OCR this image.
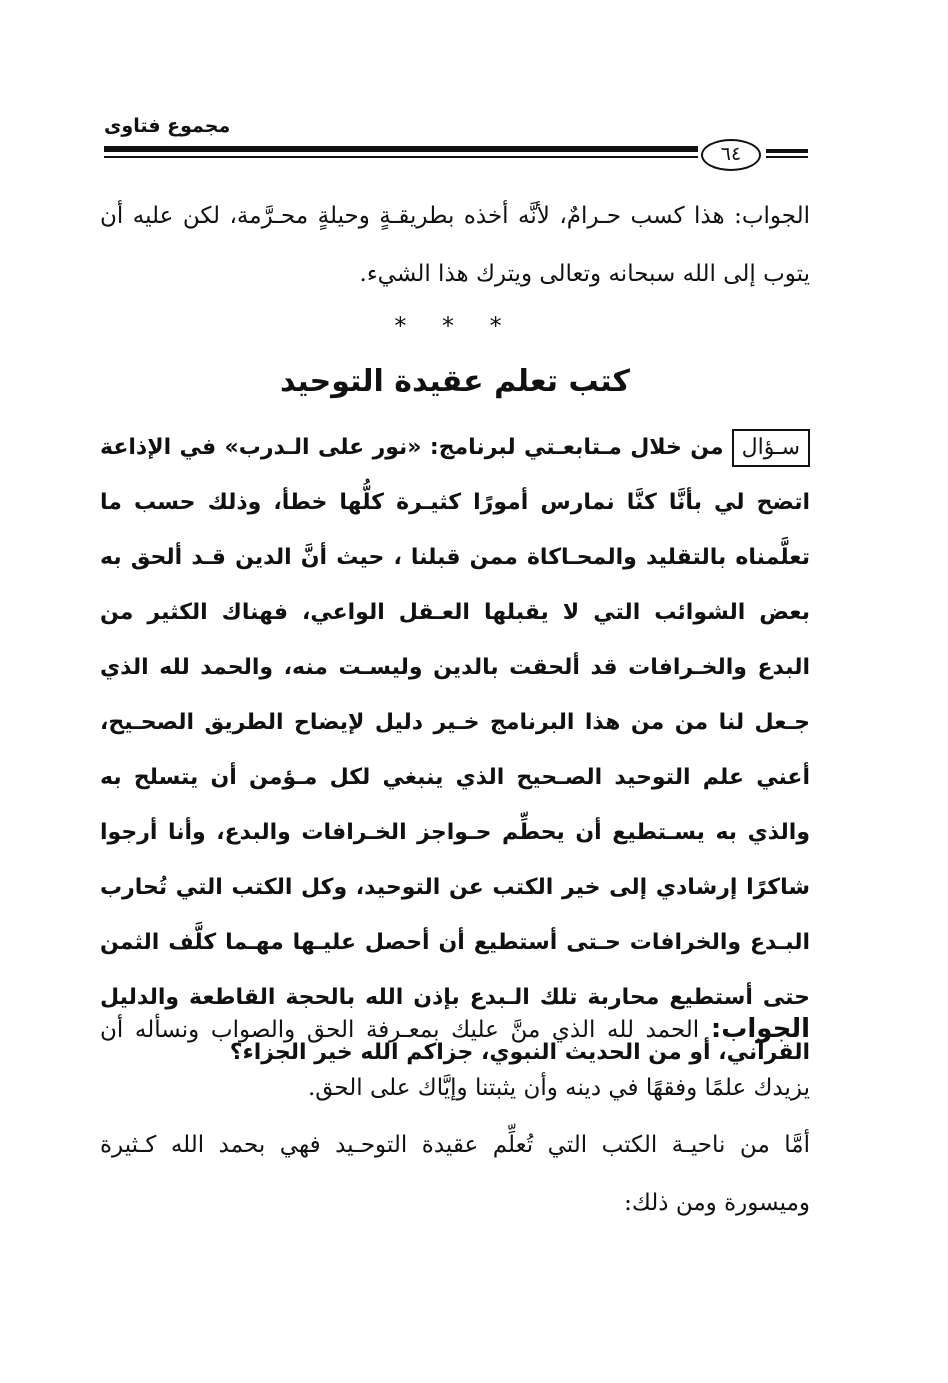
مجموع فتاوى
٦٤
الجواب: هذا كسب حـرامٌ، لأنَّه أخذه بطريقـةٍ وحيلةٍ محـرَّمة، لكن عليه أن يتوب إلى الله سبحانه وتعالى ويترك هذا الشيء.
* * *
كتب تعلم عقيدة التوحيد
سـؤالمن خلال مـتابعـتي لبرنامج: «نور على الـدرب» في الإذاعة اتضح لي بأنَّا كنَّا نمارس أمورًا كثيـرة كلُّها خطأ، وذلك حسب ما تعلَّمناه بالتقليد والمحـاكاة ممن قبلنا ، حيث أنَّ الدين قـد ألحق به بعض الشوائب التي لا يقبلها العـقل الواعي، فهناك الكثير من البدع والخـرافات قد ألحقت بالدين وليسـت منه، والحمد لله الذي جـعل لنا من من هذا البرنامج خـير دليل لإيضاح الطريق الصحـيح، أعني علم التوحيد الصـحيح الذي ينبغي لكل مـؤمن أن يتسلح به والذي به يسـتطيع أن يحطِّم حـواجز الخـرافات والبدع، وأنا أرجوا شاكرًا إرشادي إلى خير الكتب عن التوحيد، وكل الكتب التي تُحارب البـدع والخرافات حـتى أستطيع أن أحصل عليـها مهـما كلَّف الثمن حتى أستطيع محاربة تلك الـبدع بإذن الله بالحجة القاطعة والدليل القرآني، أو من الحديث النبوي، جزاكم الله خير الجزاء؟
الجواب: الحمد لله الذي منَّ عليك بمعـرفة الحق والصواب ونسأله أن يزيدك علمًا وفقهًا في دينه وأن يثبتنا وإيَّاك على الحق.
أمَّا من ناحيـة الكتب التي تُعلِّم عقيدة التوحـيد فهي بحمد الله كـثيرة وميسورة ومن ذلك:
